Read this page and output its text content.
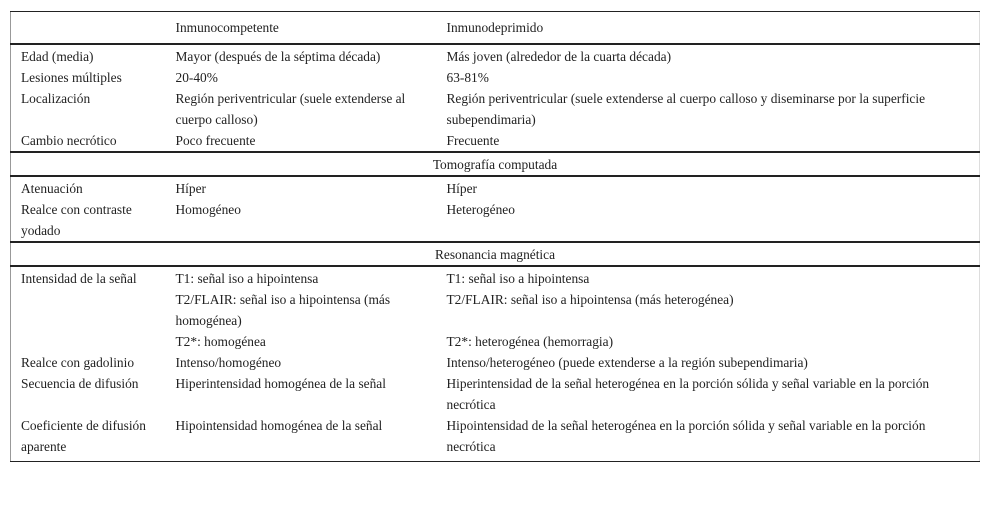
	Inmunocompetente	Inmunodeprimido
Edad (media)	Mayor (después de la séptima década)	Más joven (alrededor de la cuarta década)
Lesiones múltiples	20-40%	63-81%
Localización	Región periventricular (suele extenderse al cuerpo calloso)	Región periventricular (suele extenderse al cuerpo calloso y diseminarse por la superficie subependimaria)
Cambio necrótico	Poco frecuente	Frecuente
Tomografía computada		
Atenuación	Híper	Híper
Realce con contraste yodado	Homogéneo	Heterogéneo
Resonancia magnética		
Intensidad de la señal	T1: señal iso a hipointensa	T1: señal iso a hipointensa
	T2/FLAIR: señal iso a hipointensa (más homogénea)	T2/FLAIR: señal iso a hipointensa (más heterogénea)
	T2*: homogénea	T2*: heterogénea (hemorragia)
Realce con gadolinio	Intenso/homogéneo	Intenso/heterogéneo (puede extenderse a la región subependimaria)
Secuencia de difusión	Hiperintensidad homogénea de la señal	Hiperintensidad de la señal heterogénea en la porción sólida y señal variable en la porción necrótica
Coeficiente de difusión aparente	Hipointensidad homogénea de la señal	Hipointensidad de la señal heterogénea en la porción sólida y señal variable en la porción necrótica
